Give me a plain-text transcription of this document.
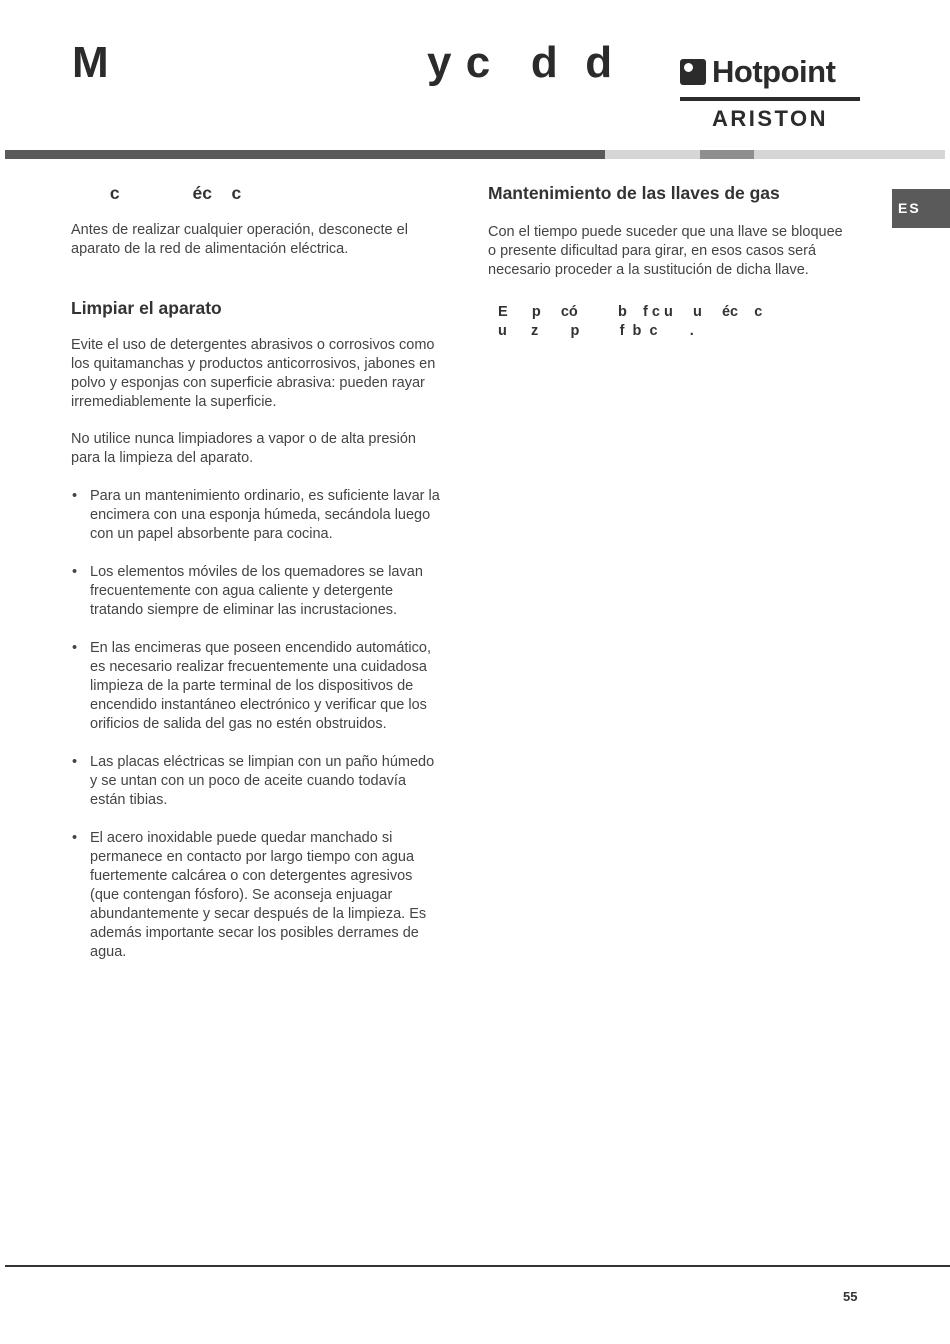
M                        y c   d  d	Hotpoint
ARISTON
ES
c               éc    c

Antes de realizar cualquier operación, desconecte el aparato de la red de alimentación eléctrica.

Limpiar el aparato

Evite el uso de detergentes abrasivos o corrosivos como los quitamanchas y productos anticorrosivos, jabones en polvo y esponjas con superficie abrasiva: pueden rayar irremediablemente la superficie.

No utilice nunca limpiadores a vapor o de alta presión para la limpieza del aparato.

• Para un mantenimiento ordinario, es suficiente lavar la encimera con una esponja húmeda, secándola luego con un papel absorbente para cocina.
• Los elementos móviles de los quemadores se lavan frecuentemente con agua caliente y detergente tratando siempre de eliminar las incrustaciones.
• En las encimeras que poseen encendido automático, es necesario realizar frecuentemente una cuidadosa limpieza de la parte terminal de los dispositivos de encendido instantáneo electrónico y verificar que los orificios de salida del gas no estén obstruidos.
• Las placas eléctricas se limpian con un paño húmedo y se untan con un poco de aceite cuando todavía están tibias.
• El acero inoxidable puede quedar manchado si permanece en contacto por largo tiempo con agua fuertemente calcárea o con detergentes agresivos (que contengan fósforo). Se aconseja enjuagar abundantemente y secar después de la limpieza. Es además importante secar los posibles derrames de agua.
Mantenimiento de las llaves de gas

Con el tiempo puede suceder que una llave se bloquee o presente dificultad para girar, en esos casos será necesario proceder a la sustitución de dicha llave.

E      p     có          b    f c u     u     éc    c
u      z        p          f  b  c        .
55
